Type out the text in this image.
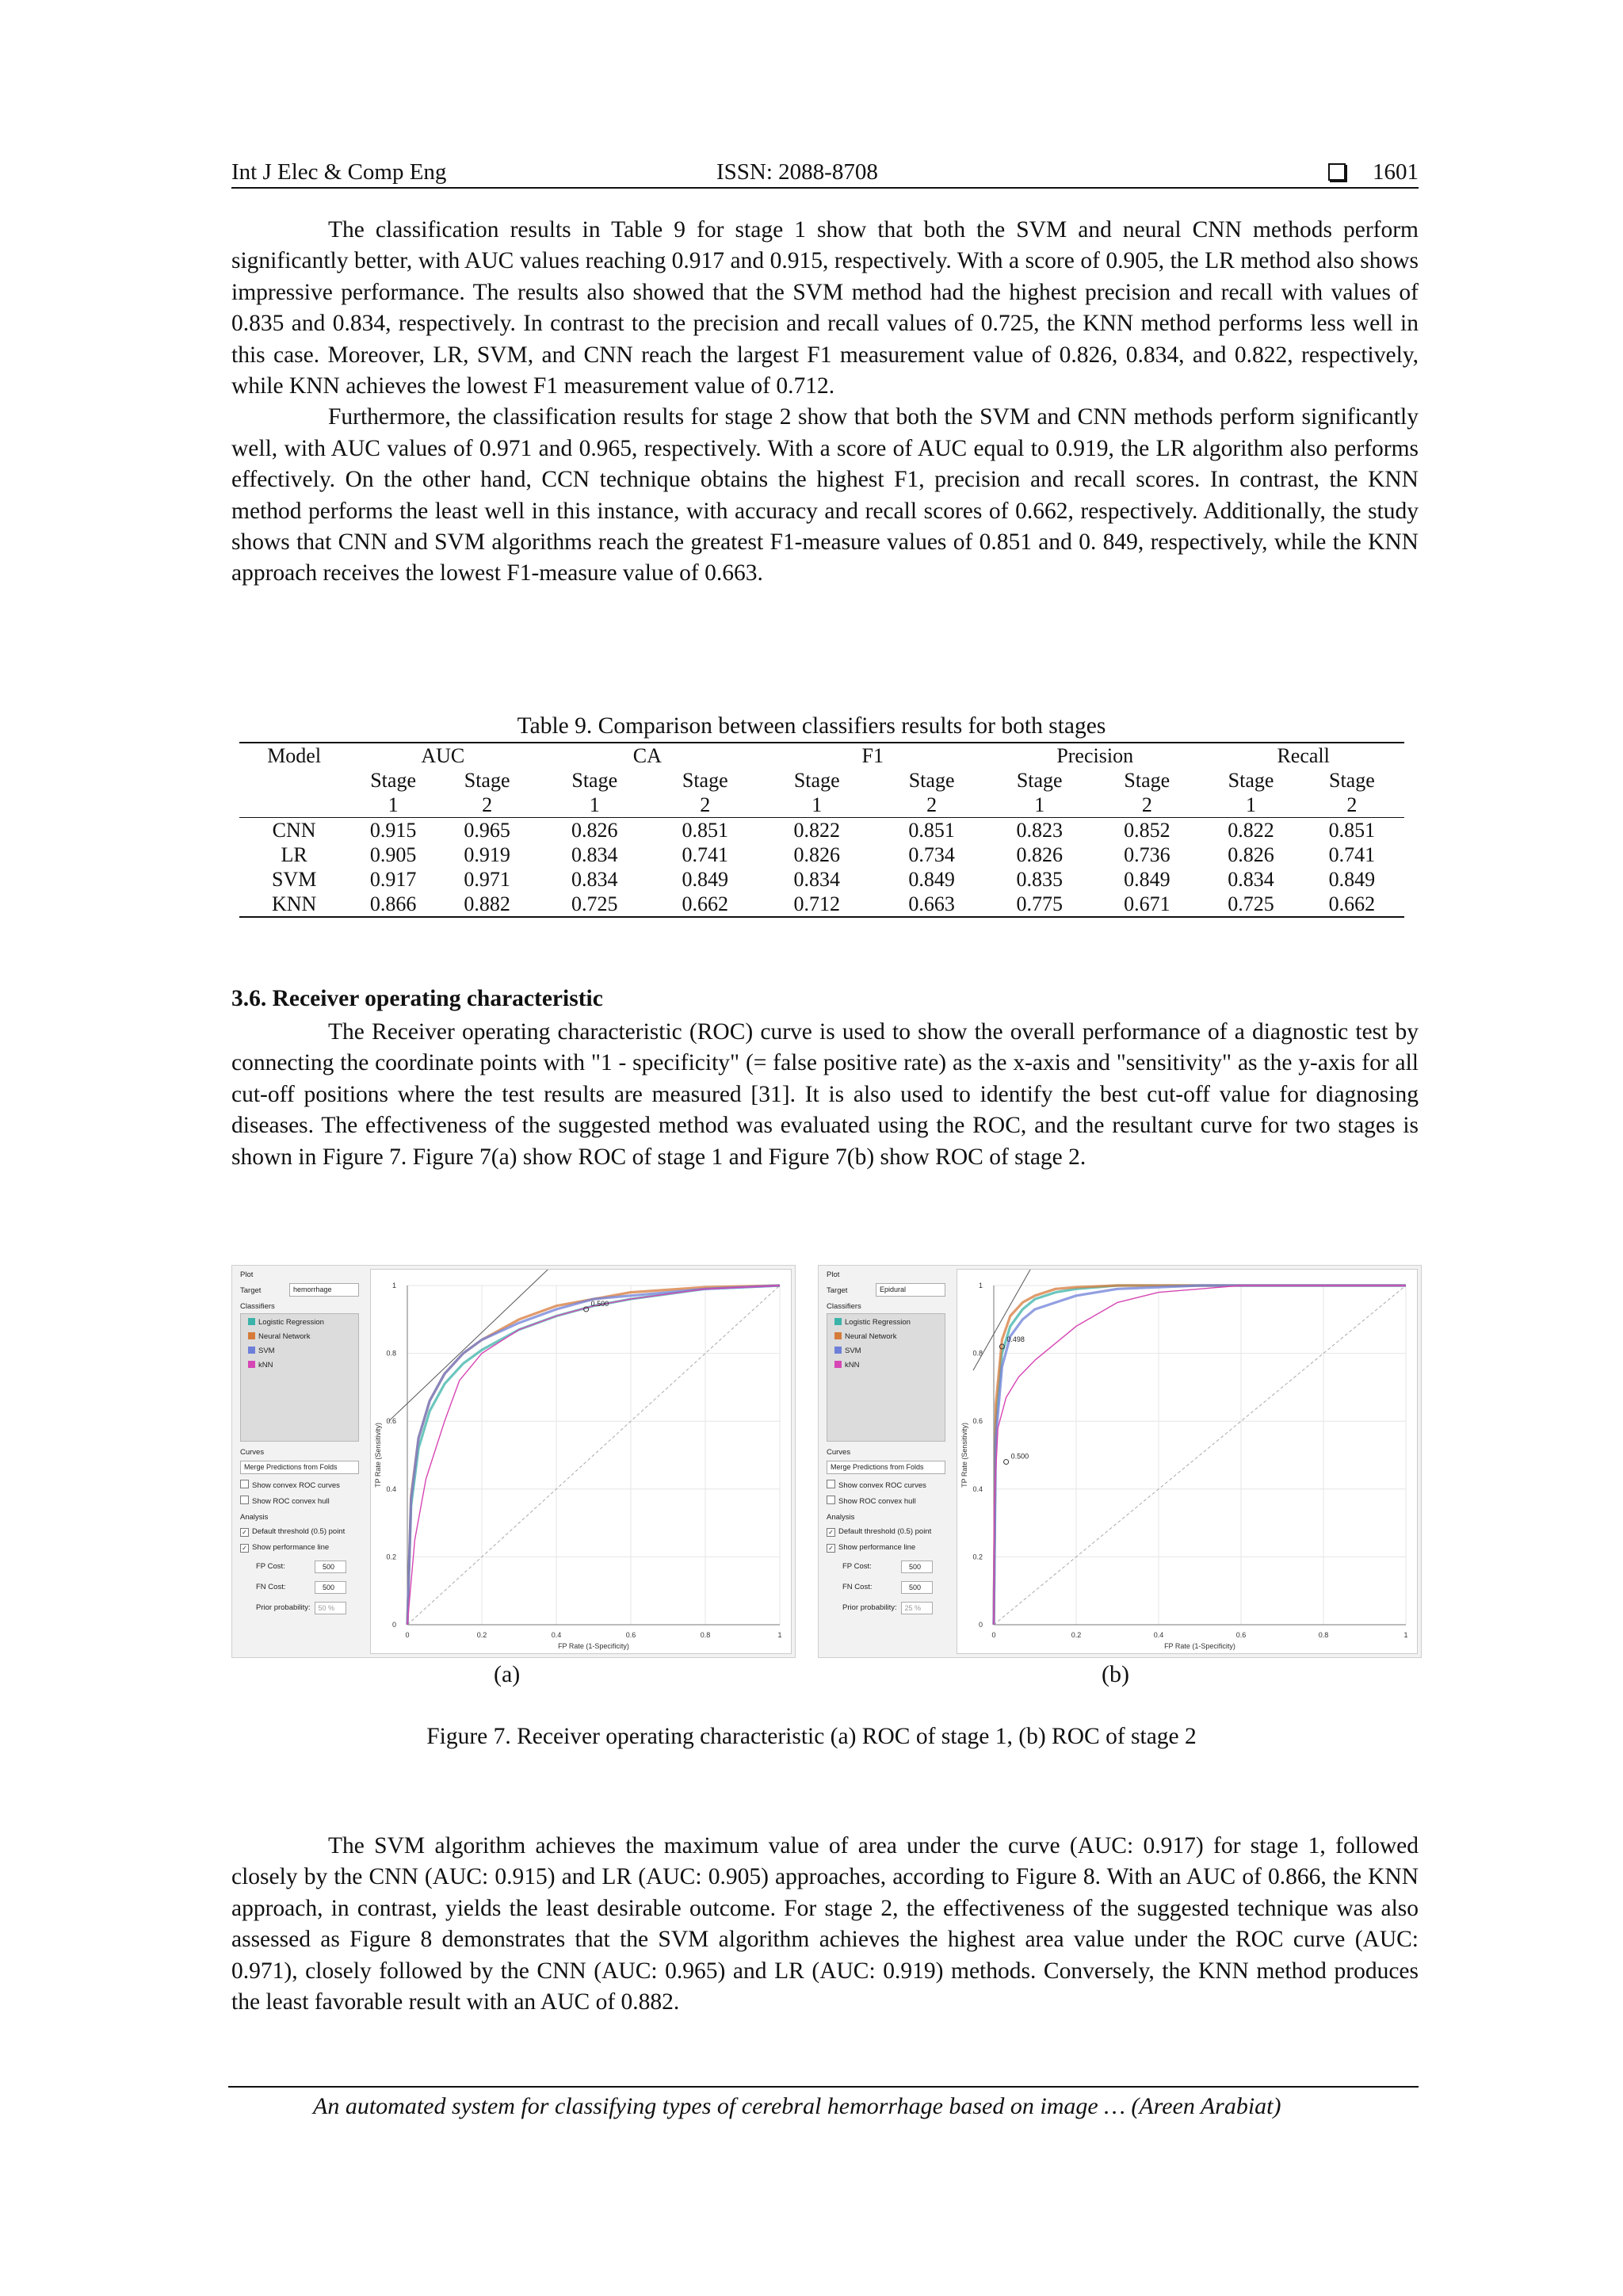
Int J Elec & Comp Eng	ISSN: 2088-8708	1601
The classification results in Table 9 for stage 1 show that both the SVM and neural CNN methods perform significantly better, with AUC values reaching 0.917 and 0.915, respectively. With a score of 0.905, the LR method also shows impressive performance. The results also showed that the SVM method had the highest precision and recall with values of 0.835 and 0.834, respectively. In contrast to the precision and recall values of 0.725, the KNN method performs less well in this case. Moreover, LR, SVM, and CNN reach the largest F1 measurement value of 0.826, 0.834, and 0.822, respectively, while KNN achieves the lowest F1 measurement value of 0.712.
Furthermore, the classification results for stage 2 show that both the SVM and CNN methods perform significantly well, with AUC values of 0.971 and 0.965, respectively. With a score of AUC equal to 0.919, the LR algorithm also performs effectively. On the other hand, CCN technique obtains the highest F1, precision and recall scores. In contrast, the KNN method performs the least well in this instance, with accuracy and recall scores of 0.662, respectively. Additionally, the study shows that CNN and SVM algorithms reach the greatest F1-measure values of 0.851 and 0. 849, respectively, while the KNN approach receives the lowest F1-measure value of 0.663.
Table 9. Comparison between classifiers results for both stages
Model	AUC		CA		F1		Precision		Recall	
	Stage	Stage	Stage	Stage	Stage	Stage	Stage	Stage	Stage	Stage
	1	2	1	2	1	2	1	2	1	2
CNN	0.915	0.965	0.826	0.851	0.822	0.851	0.823	0.852	0.822	0.851
LR	0.905	0.919	0.834	0.741	0.826	0.734	0.826	0.736	0.826	0.741
SVM	0.917	0.971	0.834	0.849	0.834	0.849	0.835	0.849	0.834	0.849
KNN	0.866	0.882	0.725	0.662	0.712	0.663	0.775	0.671	0.725	0.662
3.6. Receiver operating characteristic
The Receiver operating characteristic (ROC) curve is used to show the overall performance of a diagnostic test by connecting the coordinate points with "1 - specificity" (= false positive rate) as the x-axis and "sensitivity" as the y-axis for all cut-off positions where the test results are measured [31]. It is also used to identify the best cut-off value for diagnosing diseases. The effectiveness of the suggested method was evaluated using the ROC, and the resultant curve for two stages is shown in Figure 7. Figure 7(a) show ROC of stage 1 and Figure 7(b) show ROC of stage 2.
Plot
Target	hemorrhage
Classifiers
Logistic Regression
Neural Network
SVM
kNN
Curves
Merge Predictions from Folds
Show convex ROC curves
Show ROC convex hull
Analysis
✓ Default threshold (0.5) point
✓ Show performance line
FP Cost:	500
FN Cost:	500
Prior probability:	50 %
0	0.2	0.4	0.6	0.8	1
0
0.2
0.4
0.6
0.8
1
FP Rate (1-Specificity)
TP Rate (Sensitivity)
0.500
Plot
Target	Epidural
Classifiers
Logistic Regression
Neural Network
SVM
kNN
Curves
Merge Predictions from Folds
Show convex ROC curves
Show ROC convex hull
Analysis
✓ Default threshold (0.5) point
✓ Show performance line
FP Cost:	500
FN Cost:	500
Prior probability:	25 %
0	0.2	0.4	0.6	0.8	1
0
0.2
0.4
0.6
0.8
1
FP Rate (1-Specificity)
TP Rate (Sensitivity)
0.498
0.500
(a)	(b)
Figure 7. Receiver operating characteristic (a) ROC of stage 1, (b) ROC of stage 2
The SVM algorithm achieves the maximum value of area under the curve (AUC: 0.917) for stage 1, followed closely by the CNN (AUC: 0.915) and LR (AUC: 0.905) approaches, according to Figure 8. With an AUC of 0.866, the KNN approach, in contrast, yields the least desirable outcome. For stage 2, the effectiveness of the suggested technique was also assessed as Figure 8 demonstrates that the SVM algorithm achieves the highest area value under the ROC curve (AUC: 0.971), closely followed by the CNN (AUC: 0.965) and LR (AUC: 0.919) methods. Conversely, the KNN method produces the least favorable result with an AUC of 0.882.
An automated system for classifying types of cerebral hemorrhage based on image … (Areen Arabiat)
